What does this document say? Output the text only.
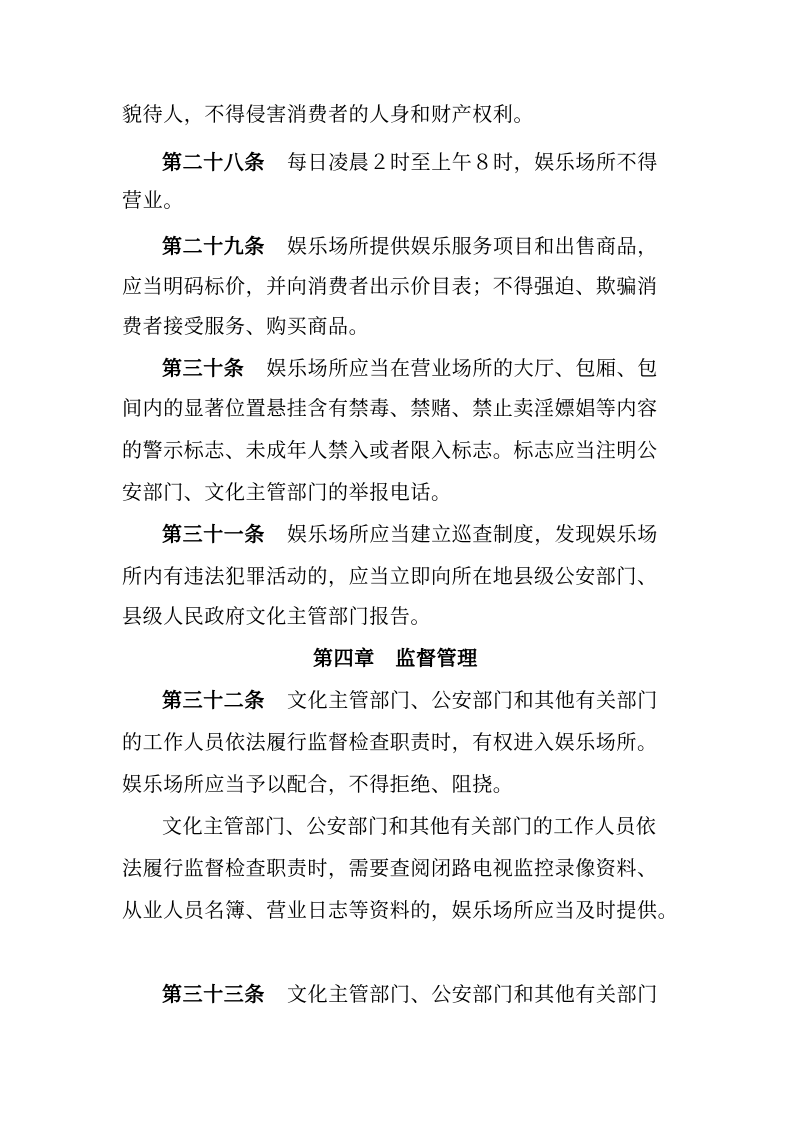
貌待人，不得侵害消费者的人身和财产权利。
第二十八条 每日凌晨２时至上午８时，娱乐场所不得
营业。
第二十九条 娱乐场所提供娱乐服务项目和出售商品，
应当明码标价，并向消费者出示价目表；不得强迫、欺骗消
费者接受服务、购买商品。
第三十条 娱乐场所应当在营业场所的大厅、包厢、包
间内的显著位置悬挂含有禁毒、禁赌、禁止卖淫嫖娼等内容
的警示标志、未成年人禁入或者限入标志。标志应当注明公
安部门、文化主管部门的举报电话。
第三十一条 娱乐场所应当建立巡查制度，发现娱乐场
所内有违法犯罪活动的，应当立即向所在地县级公安部门、
县级人民政府文化主管部门报告。
第四章　监督管理
第三十二条 文化主管部门、公安部门和其他有关部门
的工作人员依法履行监督检查职责时，有权进入娱乐场所。
娱乐场所应当予以配合，不得拒绝、阻挠。
文化主管部门、公安部门和其他有关部门的工作人员依
法履行监督检查职责时，需要查阅闭路电视监控录像资料、
从业人员名簿、营业日志等资料的，娱乐场所应当及时提供。
第三十三条 文化主管部门、公安部门和其他有关部门
